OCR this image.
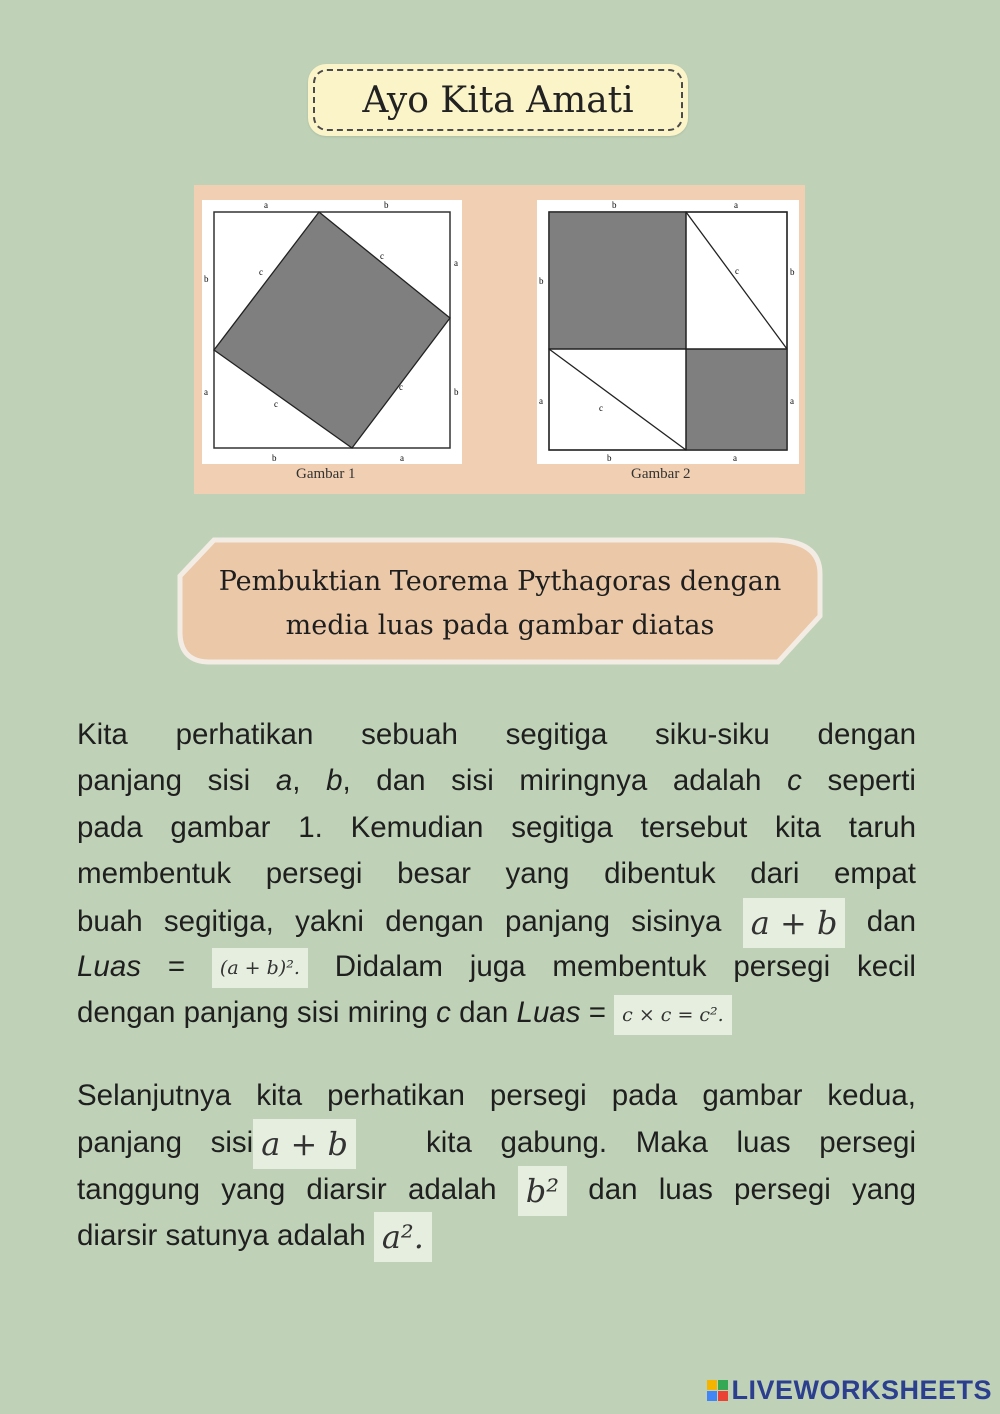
Ayo Kita Amati
a	b
b
a
a
b
b	a
c
c
c
c
Gambar 1
b	a
b
a
b
a
b	a
c
c
Gambar 2
Pembuktian Teorema Pythagoras dengan
media luas pada gambar diatas
Kita perhatikan sebuah segitiga siku-siku dengan
panjang sisi a, b, dan sisi miringnya adalah c seperti
pada gambar 1. Kemudian segitiga tersebut kita taruh
membentuk persegi besar yang dibentuk dari empat
buah segitiga, yakni dengan panjang sisinya a + b dan
Luas = (a + b)². Didalam juga membentuk persegi kecil
dengan panjang sisi miring c dan Luas = c × c = c².
Selanjutnya kita perhatikan persegi pada gambar kedua,
panjang sisi a + b	kita gabung. Maka luas persegi
tanggung yang diarsir adalah b² dan luas persegi yang
diarsir satunya adalah a².
LIVEWORKSHEETS
